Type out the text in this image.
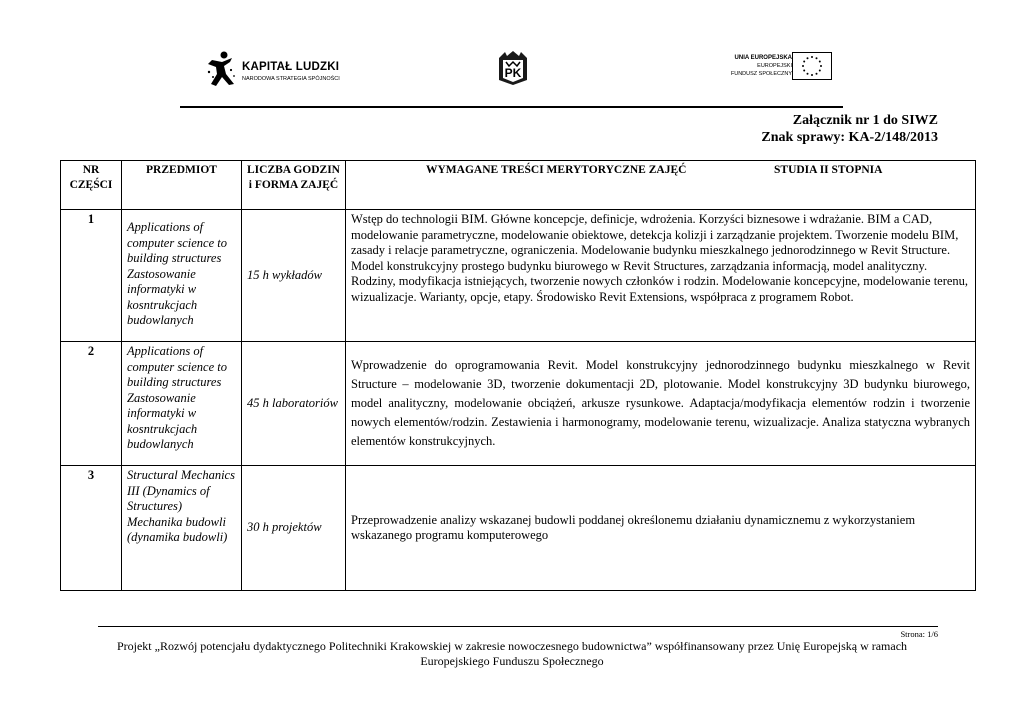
KAPITAŁ LUDZKI
NARODOWA STRATEGIA SPÓJNOŚCI	PK
UNIA EUROPEJSKA
EUROPEJSKI
FUNDUSZ SPOŁECZNY
Załącznik nr 1 do SIWZ
Znak sprawy: KA-2/148/2013
NR CZĘŚCI	PRZEDMIOT	LICZBA GODZIN i FORMA ZAJĘĆ	WYMAGANE TREŚCI MERYTORYCZNE ZAJĘĆ STUDIA II STOPNIA

1	Applications of computer science to building structures Zastosowanie informatyki w kosntrukcjach budowlanych	15 h wykładów	Wstęp do technologii BIM. Główne koncepcje, definicje, wdrożenia. Korzyści biznesowe i wdrażanie. BIM a CAD, modelowanie parametryczne, modelowanie obiektowe, detekcja kolizji i zarządzanie projektem. Tworzenie modelu BIM, zasady i relacje parametryczne, ograniczenia. Modelowanie budynku mieszkalnego jednorodzinnego w Revit Structure. Model konstrukcyjny prostego budynku biurowego w Revit Structures, zarządzania informacją, model analityczny. Rodziny, modyfikacja istniejących, tworzenie nowych członków i rodzin. Modelowanie koncepcyjne, modelowanie terenu, wizualizacje. Warianty, opcje, etapy. Środowisko Revit Extensions, współpraca z programem Robot.
2	Applications of computer science to building structures Zastosowanie informatyki w kosntrukcjach budowlanych	45 h laboratoriów	Wprowadzenie do oprogramowania Revit. Model konstrukcyjny jednorodzinnego budynku mieszkalnego w Revit Structure – modelowanie 3D, tworzenie dokumentacji 2D, plotowanie. Model konstrukcyjny 3D budynku biurowego, model analityczny, modelowanie obciążeń, arkusze rysunkowe. Adaptacja/modyfikacja elementów rodzin i tworzenie nowych elementów/rodzin. Zestawienia i harmonogramy, modelowanie terenu, wizualizacje. Analiza statyczna wybranych elementów konstrukcyjnych.
3	Structural Mechanics III (Dynamics of Structures) Mechanika budowli (dynamika budowli)	30 h projektów	Przeprowadzenie analizy wskazanej budowli poddanej określonemu działaniu dynamicznemu z wykorzystaniem wskazanego programu komputerowego
Strona: 1/6
Projekt „Rozwój potencjału dydaktycznego Politechniki Krakowskiej w zakresie nowoczesnego budownictwa” współfinansowany przez Unię Europejską w ramach
Europejskiego Funduszu Społecznego
